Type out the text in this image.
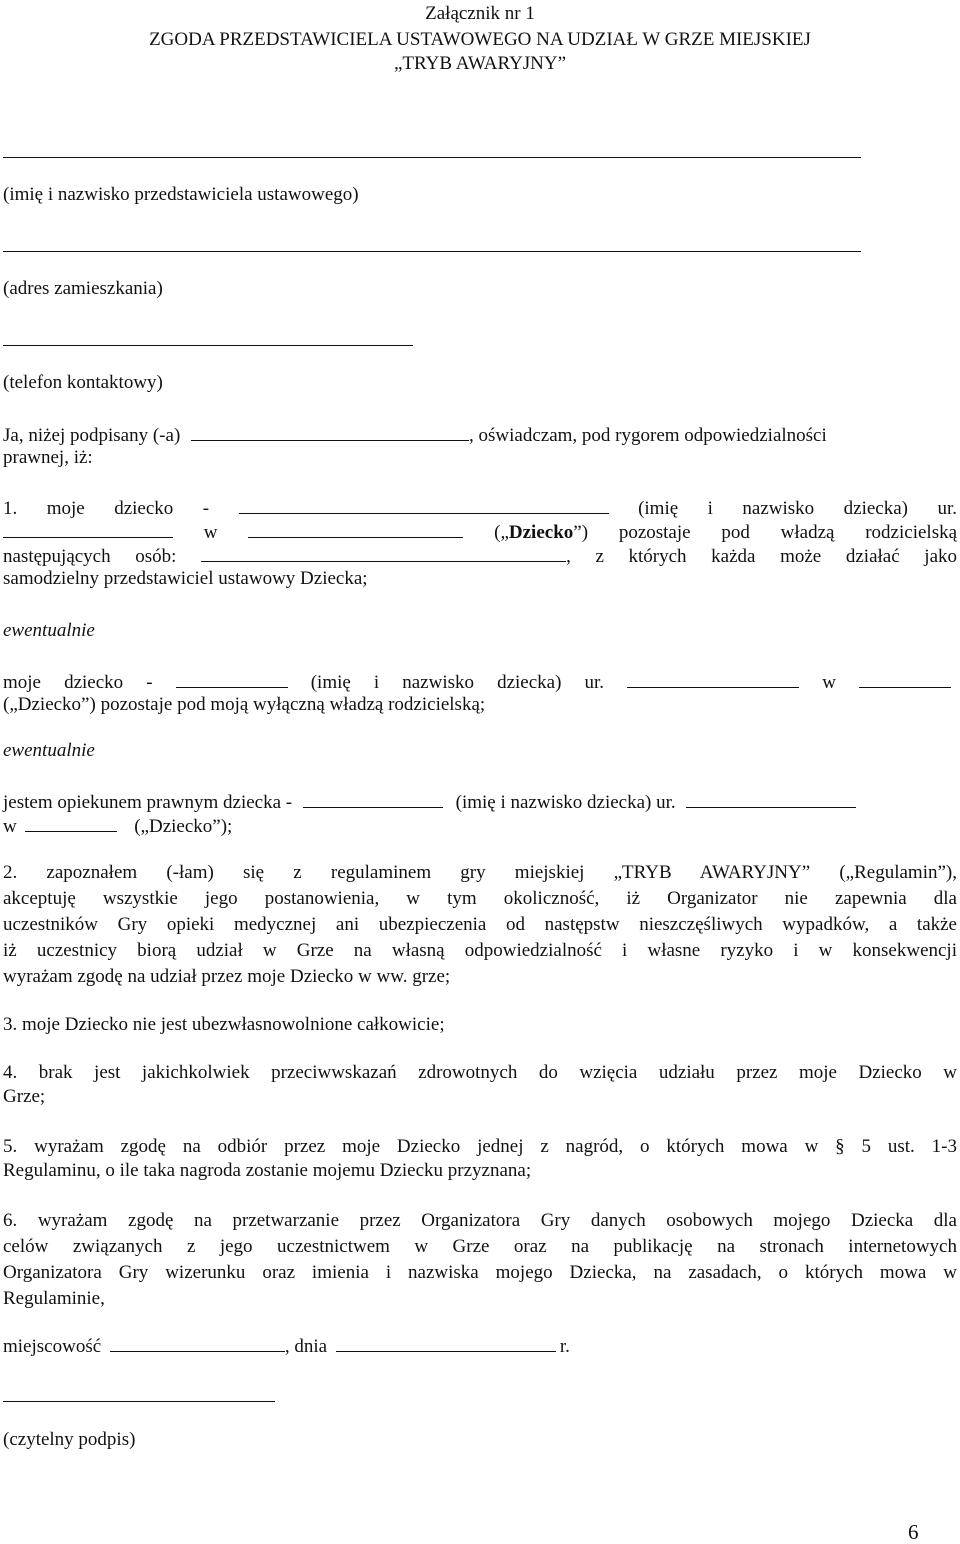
Załącznik nr 1
ZGODA PRZEDSTAWICIELA USTAWOWEGO NA UDZIAŁ W GRZE MIEJSKIEJ
„TRYB AWARYJNY”
(imię i nazwisko przedstawiciela ustawowego)
(adres zamieszkania)
(telefon kontaktowy)
Ja, niżej podpisany (-a)	, oświadczam, pod rygorem odpowiedzialności
prawnej, iż:
1. moje dziecko -	(imię i nazwisko dziecka) ur.
w	(„Dziecko”) pozostaje pod władzą rodzicielską
następujących osób:	, z których każda może działać jako
samodzielny przedstawiciel ustawowy Dziecka;
ewentualnie
moje dziecko -	(imię i nazwisko dziecka) ur.	w
(„Dziecko”) pozostaje pod moją wyłączną władzą rodzicielską;
ewentualnie
jestem opiekunem prawnym dziecka -	(imię i nazwisko dziecka) ur.
w	(„Dziecko”);
2. zapoznałem (-łam) się z regulaminem gry miejskiej „TRYB AWARYJNY” („Regulamin”),
akceptuję wszystkie jego postanowienia, w tym okoliczność, iż Organizator nie zapewnia dla
uczestników Gry opieki medycznej ani ubezpieczenia od następstw nieszczęśliwych wypadków, a także
iż uczestnicy biorą udział w Grze na własną odpowiedzialność i własne ryzyko i w konsekwencji
wyrażam zgodę na udział przez moje Dziecko w ww. grze;
3. moje Dziecko nie jest ubezwłasnowolnione całkowicie;
4. brak jest jakichkolwiek przeciwwskazań zdrowotnych do wzięcia udziału przez moje Dziecko w
Grze;
5. wyrażam zgodę na odbiór przez moje Dziecko jednej z nagród, o których mowa w § 5 ust. 1-3
Regulaminu, o ile taka nagroda zostanie mojemu Dziecku przyznana;
6. wyrażam zgodę na przetwarzanie przez Organizatora Gry danych osobowych mojego Dziecka dla
celów związanych z jego uczestnictwem w Grze oraz na publikację na stronach internetowych
Organizatora Gry wizerunku oraz imienia i nazwiska mojego Dziecka, na zasadach, o których mowa w
Regulaminie,
miejscowość	, dnia	r.
(czytelny podpis)
6
